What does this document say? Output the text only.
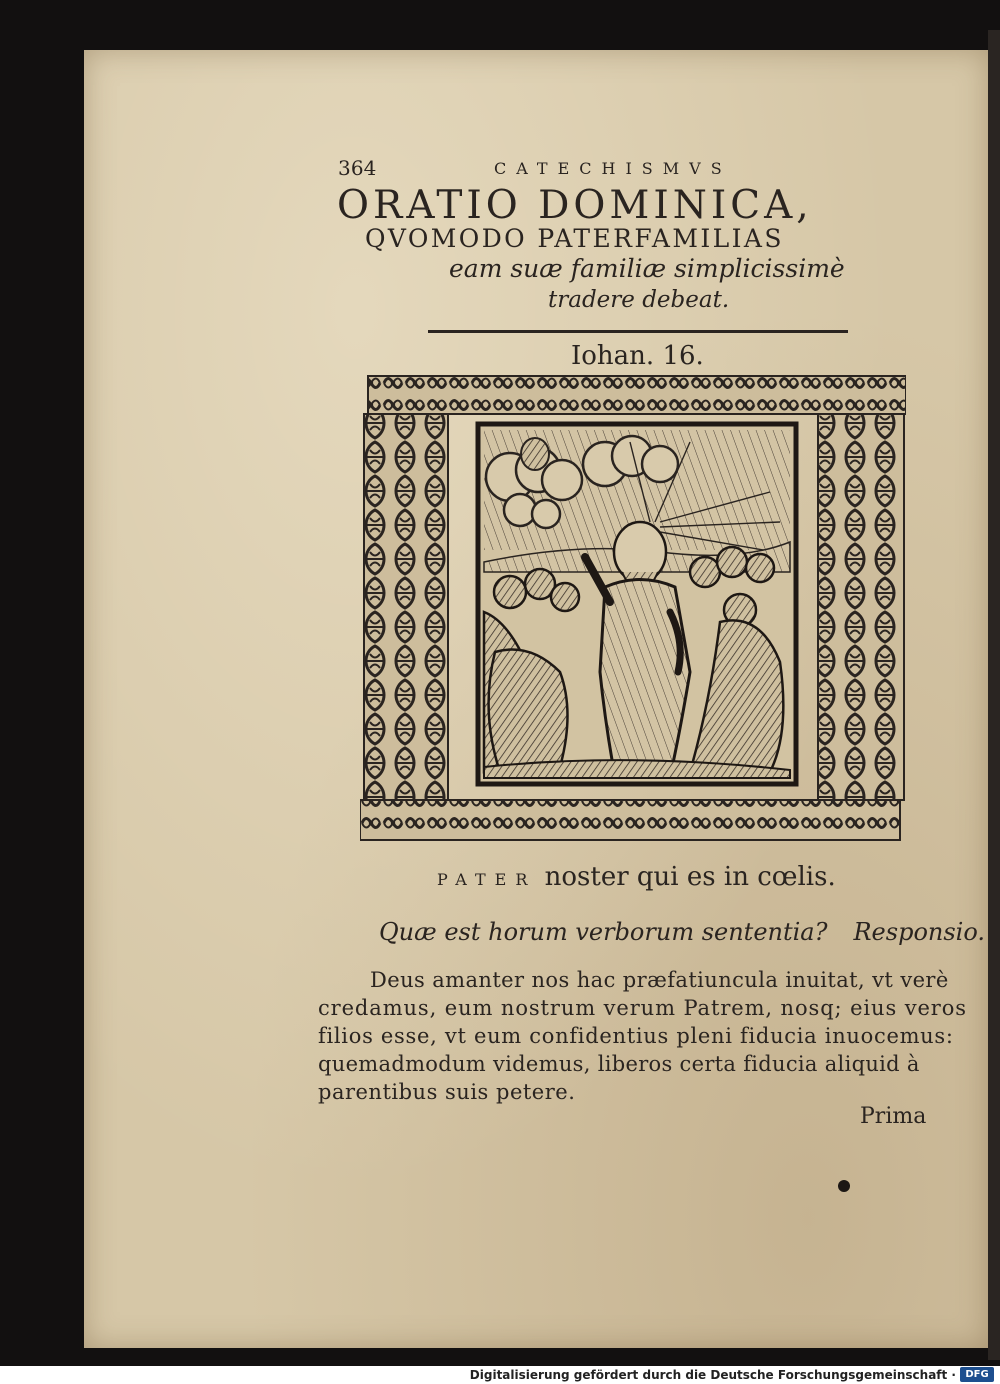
364	CATECHISMVS
ORATIO DOMINICA,
QVOMODO PATERFAMILIAS
eam suæ familiæ simplicissimè
tradere debeat.
Iohan. 16.
PATER noster qui es in cœlis.
Quæ est horum verborum sententia? Responsio.
Deus amanter nos hac præfatiuncula inuitat, vt verè
credamus, eum nostrum verum Patrem, nosq; eius veros
filios esse, vt eum confidentius pleni fiducia inuocemus:
quemadmodum videmus, liberos certa fiducia aliquid à
parentibus suis petere.
Prima
Digitalisierung gefördert durch die Deutsche Forschungsgemeinschaft · DFG
